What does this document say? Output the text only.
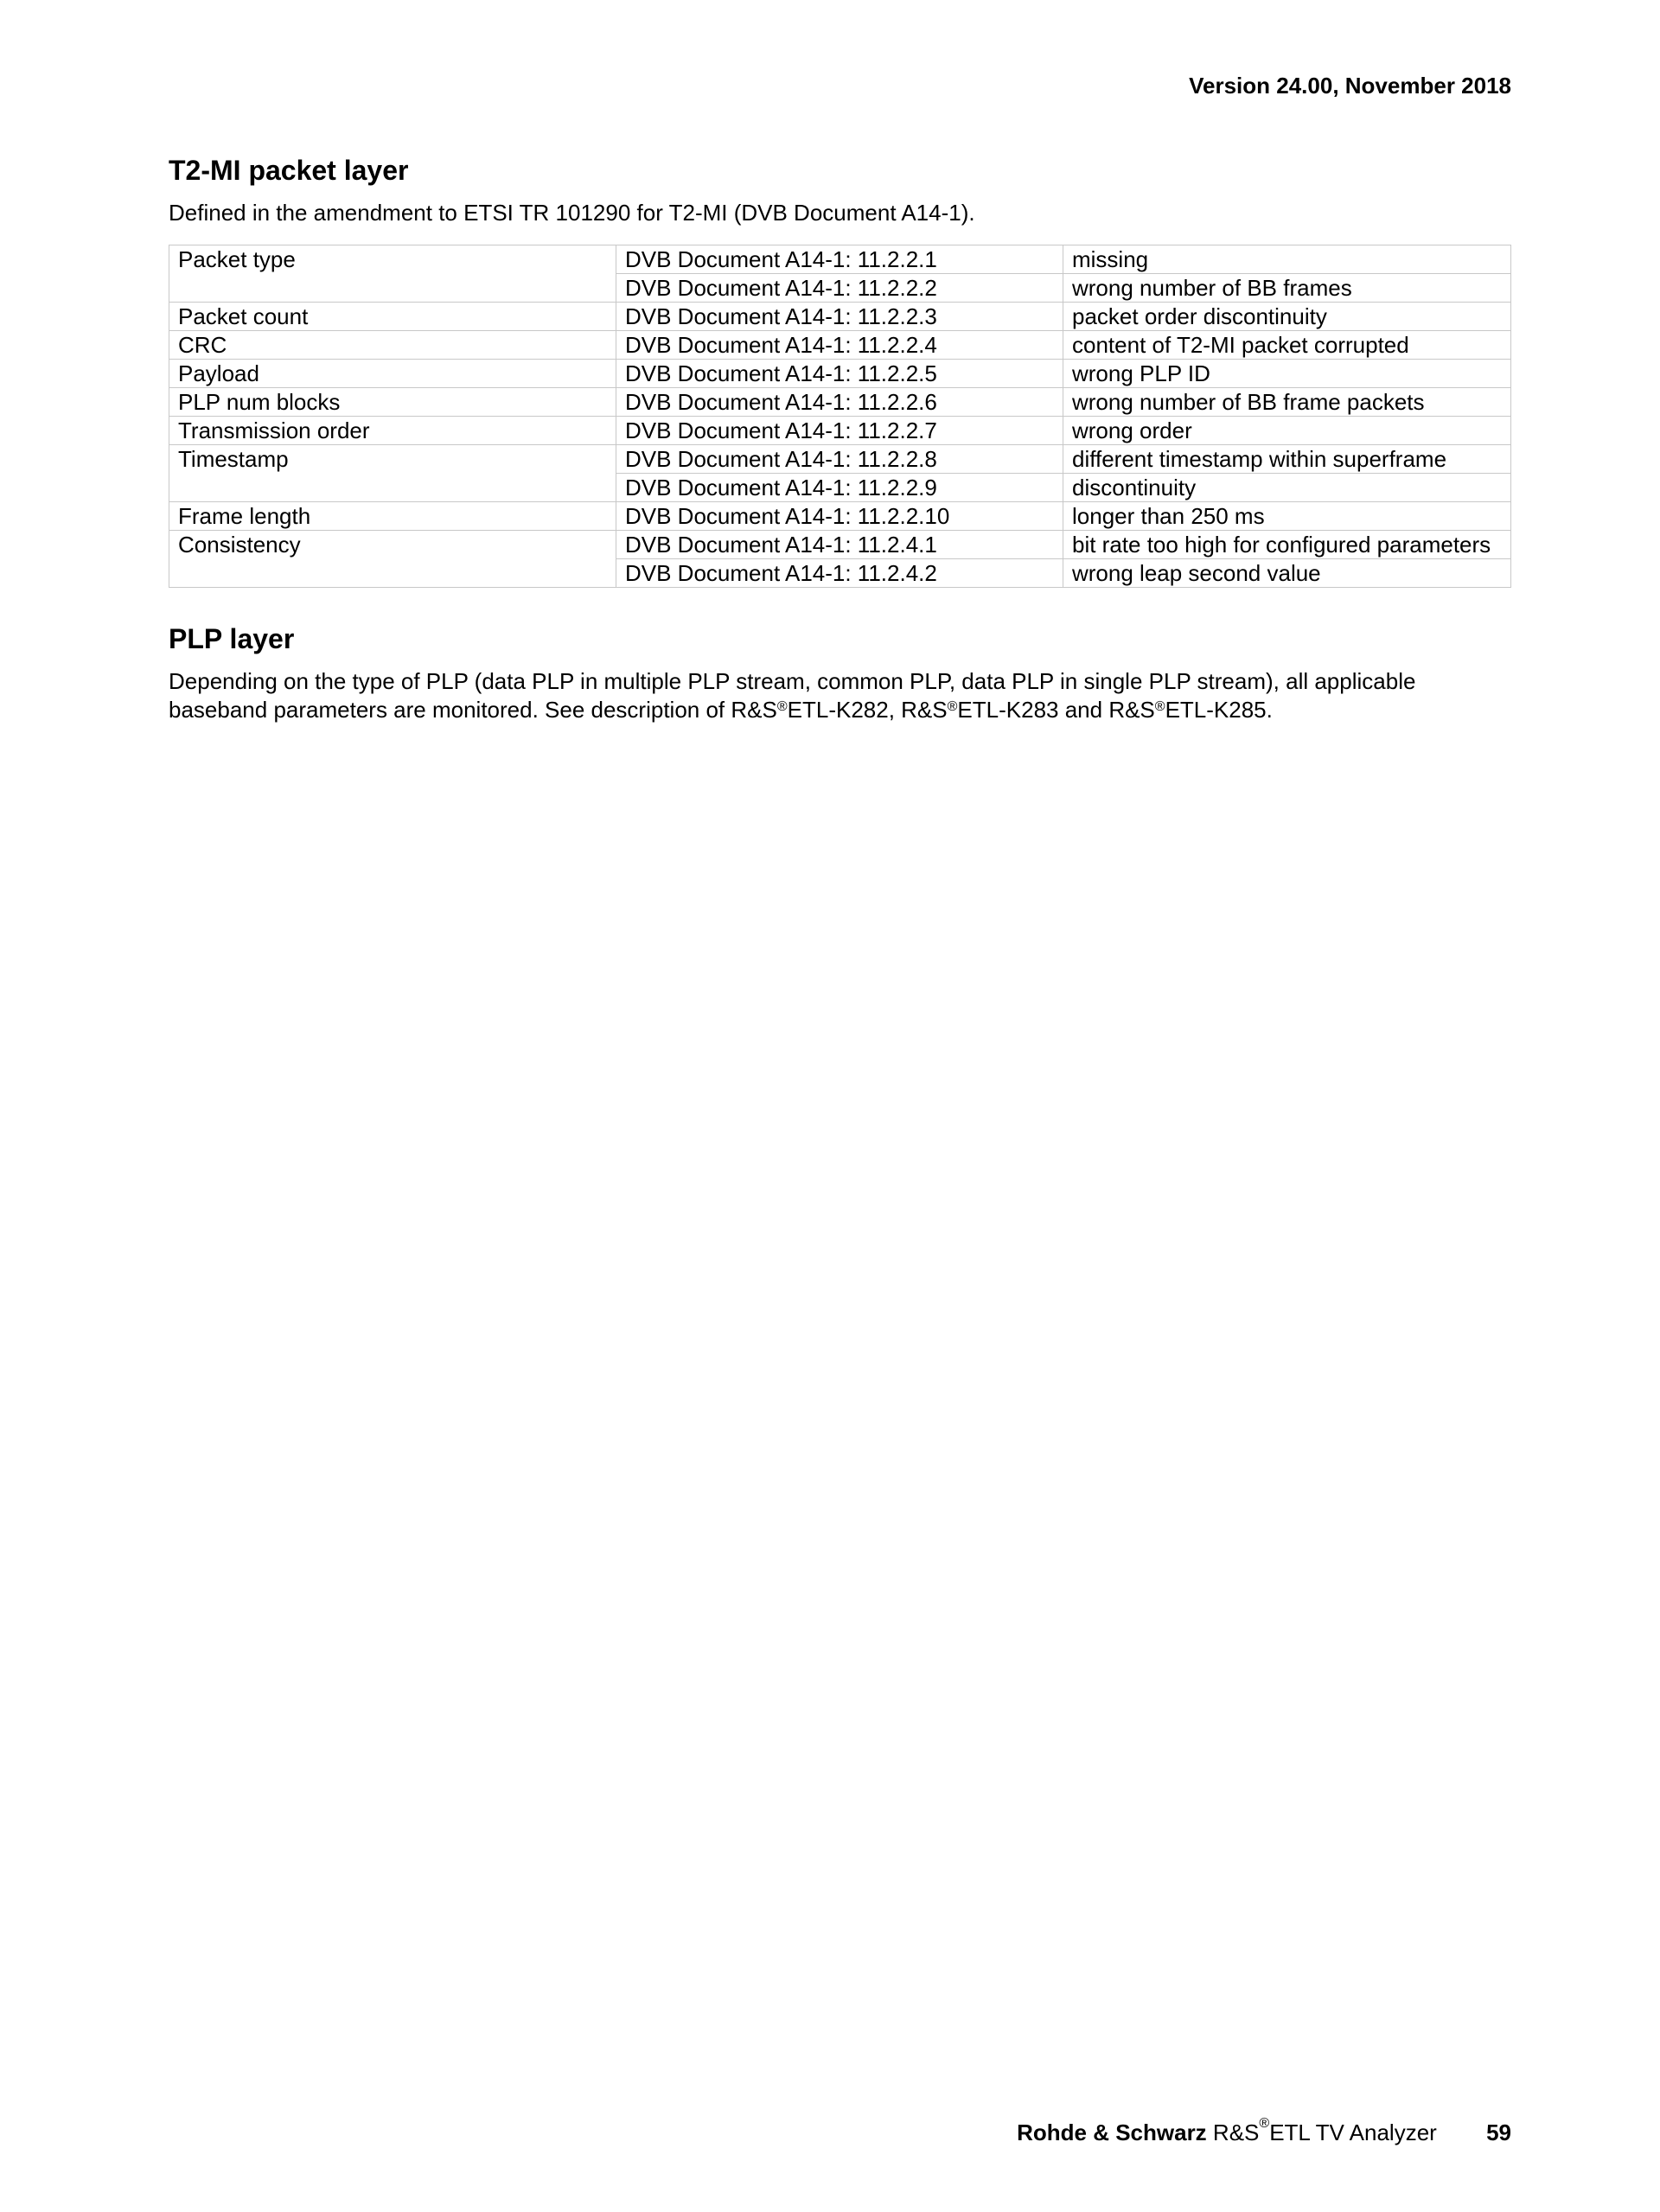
Version 24.00, November 2018
T2-MI packet layer

Defined in the amendment to ETSI TR 101290 for T2-MI (DVB Document A14-1).

Packet type	DVB Document A14-1: 11.2.2.1	missing
	DVB Document A14-1: 11.2.2.2	wrong number of BB frames
Packet count	DVB Document A14-1: 11.2.2.3	packet order discontinuity
CRC	DVB Document A14-1: 11.2.2.4	content of T2-MI packet corrupted
Payload	DVB Document A14-1: 11.2.2.5	wrong PLP ID
PLP num blocks	DVB Document A14-1: 11.2.2.6	wrong number of BB frame packets
Transmission order	DVB Document A14-1: 11.2.2.7	wrong order
Timestamp	DVB Document A14-1: 11.2.2.8	different timestamp within superframe
	DVB Document A14-1: 11.2.2.9	discontinuity
Frame length	DVB Document A14-1: 11.2.2.10	longer than 250 ms
Consistency	DVB Document A14-1: 11.2.4.1	bit rate too high for configured parameters
	DVB Document A14-1: 11.2.4.2	wrong leap second value
PLP layer

Depending on the type of PLP (data PLP in multiple PLP stream, common PLP, data PLP in single PLP stream), all applicable
baseband parameters are monitored. See description of R&S®ETL-K282, R&S®ETL-K283 and R&S®ETL-K285.

Rohde & Schwarz R&S®ETL TV Analyzer 59
